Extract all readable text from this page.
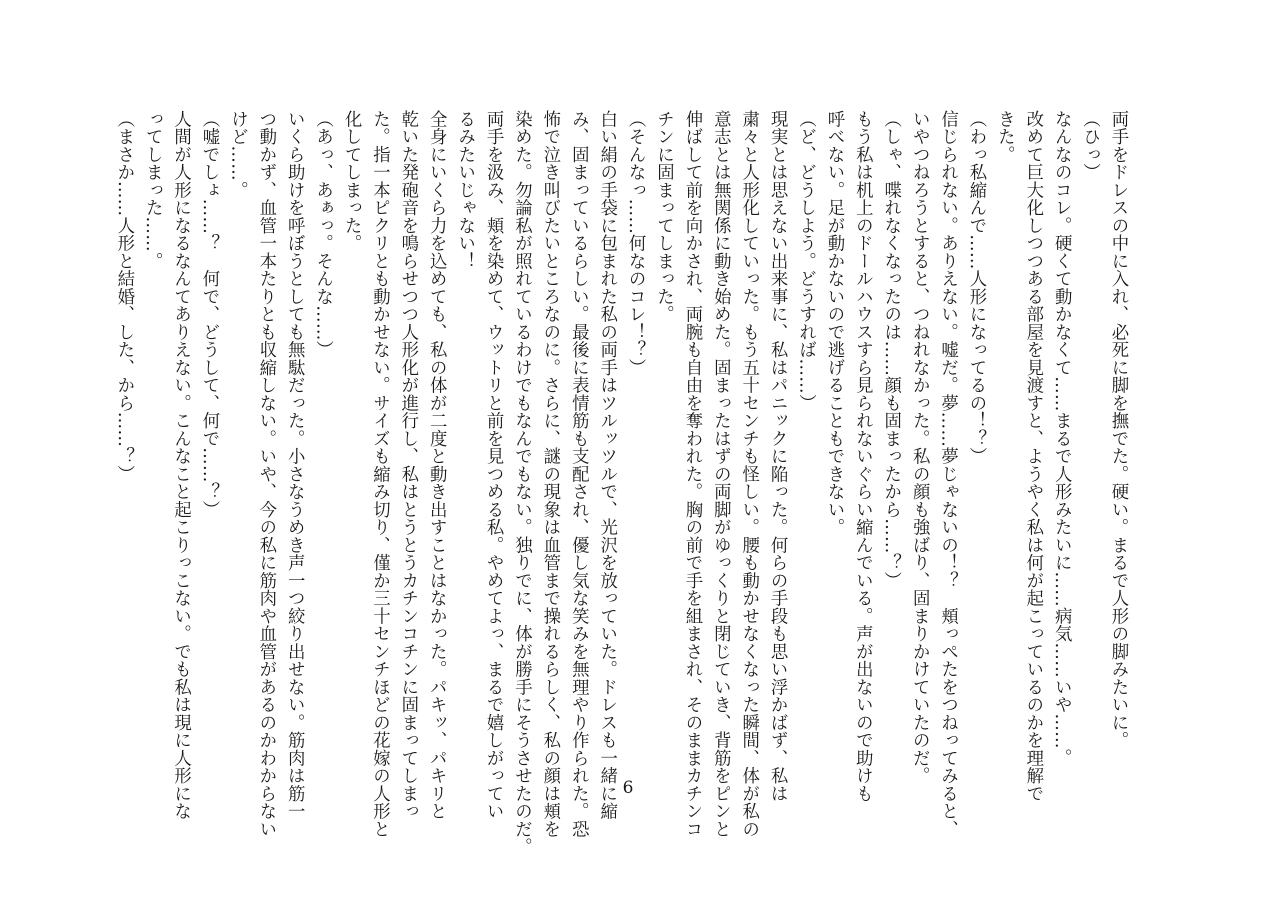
両手をドレスの中に入れ、必死に脚を撫でた。硬い。まるで人形の脚みたいに。

（ひっ）

なんなのコレ。硬くて動かなくて……まるで人形みたいに……病気……いや……。

改めて巨大化しつつある部屋を見渡すと、ようやく私は何が起こっているのかを理解で

きた。

（わっ私縮んで……人形になってるの！？）

信じられない。ありえない。嘘だ。夢……夢じゃないの！？　頬っぺたをつねってみると、

いやつねろうとすると、つねれなかった。私の顔も強ばり、固まりかけていたのだ。

（しゃ、喋れなくなったのは……顔も固まったから……？）

もう私は机上のドールハウスすら見られないぐらい縮んでいる。声が出ないので助けも

呼べない。足が動かないので逃げることもできない。

（ど、どうしよう。どうすれば……）

現実とは思えない出来事に、私はパニックに陥った。何らの手段も思い浮かばず、私は

粛々と人形化していった。もう五十センチも怪しい。腰も動かせなくなった瞬間、体が私の

意志とは無関係に動き始めた。固まったはずの両脚がゆっくりと閉じていき、背筋をピンと

伸ばして前を向かされ、両腕も自由を奪われた。胸の前で手を組まされ、そのままカチンコ

チンに固まってしまった。

（そんなっ……何なのコレ！？）

白い絹の手袋に包まれた私の両手はツルッツルで、光沢を放っていた。ドレスも一緒に縮

み、固まっているらしい。最後に表情筋も支配され、優し気な笑みを無理やり作られた。恐

怖で泣き叫びたいところなのに。さらに、謎の現象は血管まで操れるらしく、私の顔は頬を

染めた。勿論私が照れているわけでもなんでもない。独りでに、体が勝手にそうさせたのだ。

両手を汲み、頬を染めて、ウットリと前を見つめる私。やめてよっ、まるで嬉しがってい

るみたいじゃない！

全身にいくら力を込めても、私の体が二度と動き出すことはなかった。パキッ、パキリと

乾いた発砲音を鳴らせつつ人形化が進行し、私はとうとうカチンコチンに固まってしまっ

た。指一本ピクリとも動かせない。サイズも縮み切り、僅か三十センチほどの花嫁の人形と

化してしまった。

（あっ、あぁっ。そんな……）

いくら助けを呼ぼうとしても無駄だった。小さなうめき声一つ絞り出せない。筋肉は筋一

つ動かず、血管一本たりとも収縮しない。いや、今の私に筋肉や血管があるのかわからない

けど……。

（嘘でしょ……？　何で、どうして、何で……？）

人間が人形になるなんてありえない。こんなこと起こりっこない。でも私は現に人形にな

ってしまった……。

（まさか……人形と結婚、した、から……？）

6
